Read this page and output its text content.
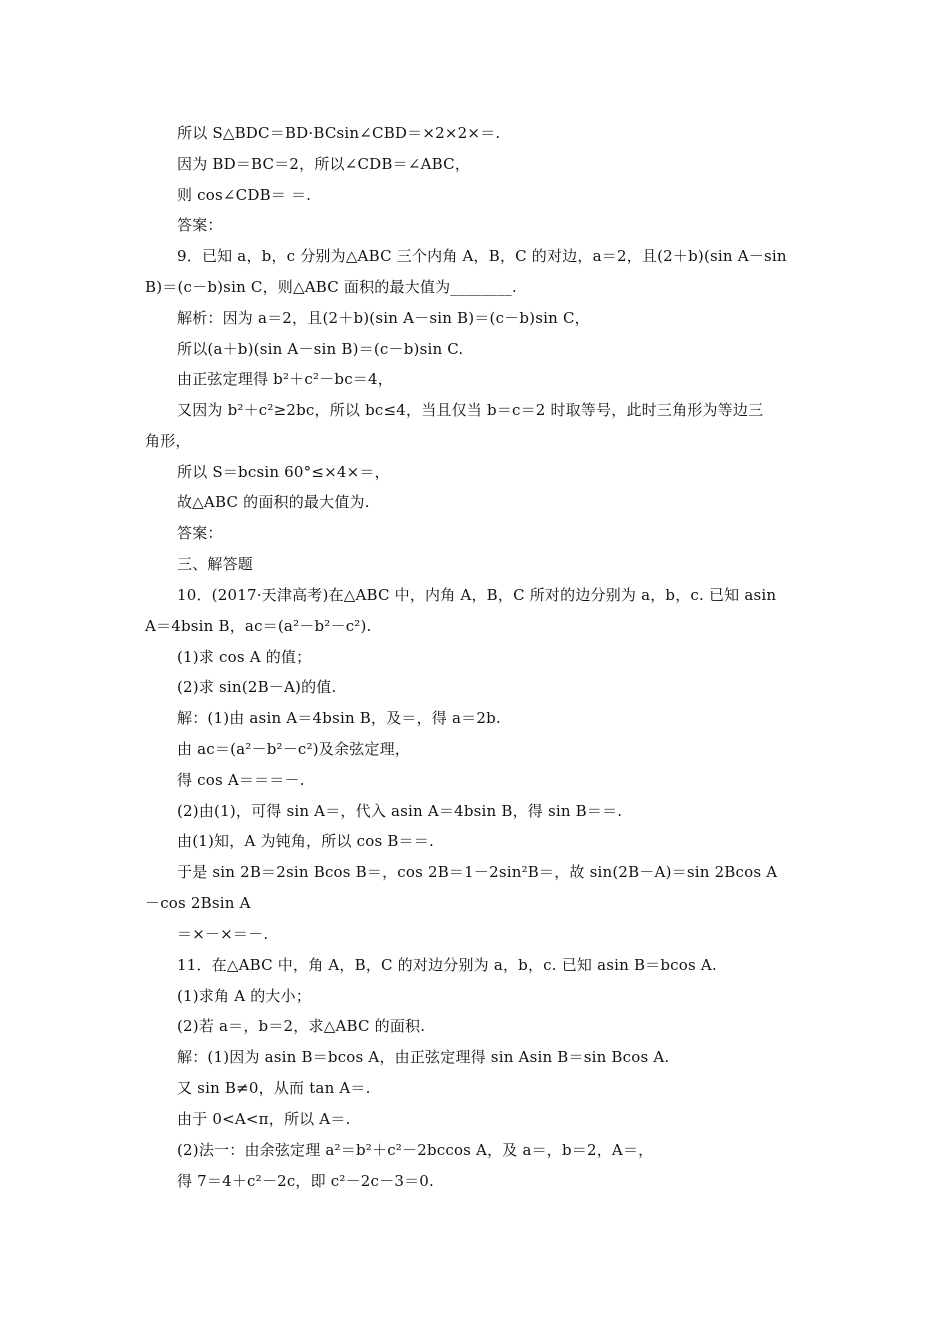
所以 S△BDC＝BD·BCsin∠CBD＝×2×2×＝.
因为 BD＝BC＝2，所以∠CDB＝∠ABC，
则 cos∠CDB＝ ＝.
答案：
9．已知 a，b，c 分别为△ABC 三个内角 A，B，C 的对边，a＝2，且(2＋b)(sin A－sin
B)＝(c－b)sin C，则△ABC 面积的最大值为________.
解析：因为 a＝2，且(2＋b)(sin A－sin B)＝(c－b)sin C，
所以(a＋b)(sin A－sin B)＝(c－b)sin C.
由正弦定理得 b²＋c²－bc＝4，
又因为 b²＋c²≥2bc，所以 bc≤4，当且仅当 b＝c＝2 时取等号，此时三角形为等边三
角形，
所以 S＝bcsin 60°≤×4×＝，
故△ABC 的面积的最大值为.
答案：
三、解答题
10．(2017·天津高考)在△ABC 中，内角 A，B，C 所对的边分别为 a，b，c. 已知 asin
A＝4bsin B，ac＝(a²－b²－c²).
(1)求 cos A 的值；
(2)求 sin(2B－A)的值.
解：(1)由 asin A＝4bsin B，及＝，得 a＝2b.
由 ac＝(a²－b²－c²)及余弦定理，
得 cos A＝＝＝－.
(2)由(1)，可得 sin A＝，代入 asin A＝4bsin B，得 sin B＝＝.
由(1)知，A 为钝角，所以 cos B＝＝.
于是 sin 2B＝2sin Bcos B＝，cos 2B＝1－2sin²B＝，故 sin(2B－A)＝sin 2Bcos A
－cos 2Bsin A
＝×－×＝－.
11．在△ABC 中，角 A，B，C 的对边分别为 a，b，c. 已知 asin B＝bcos A.
(1)求角 A 的大小；
(2)若 a＝，b＝2，求△ABC 的面积.
解：(1)因为 asin B＝bcos A，由正弦定理得 sin Asin B＝sin Bcos A.
又 sin B≠0，从而 tan A＝.
由于 0<A<π，所以 A＝.
(2)法一：由余弦定理 a²＝b²＋c²－2bccos A，及 a＝，b＝2，A＝，
得 7＝4＋c²－2c，即 c²－2c－3＝0.
